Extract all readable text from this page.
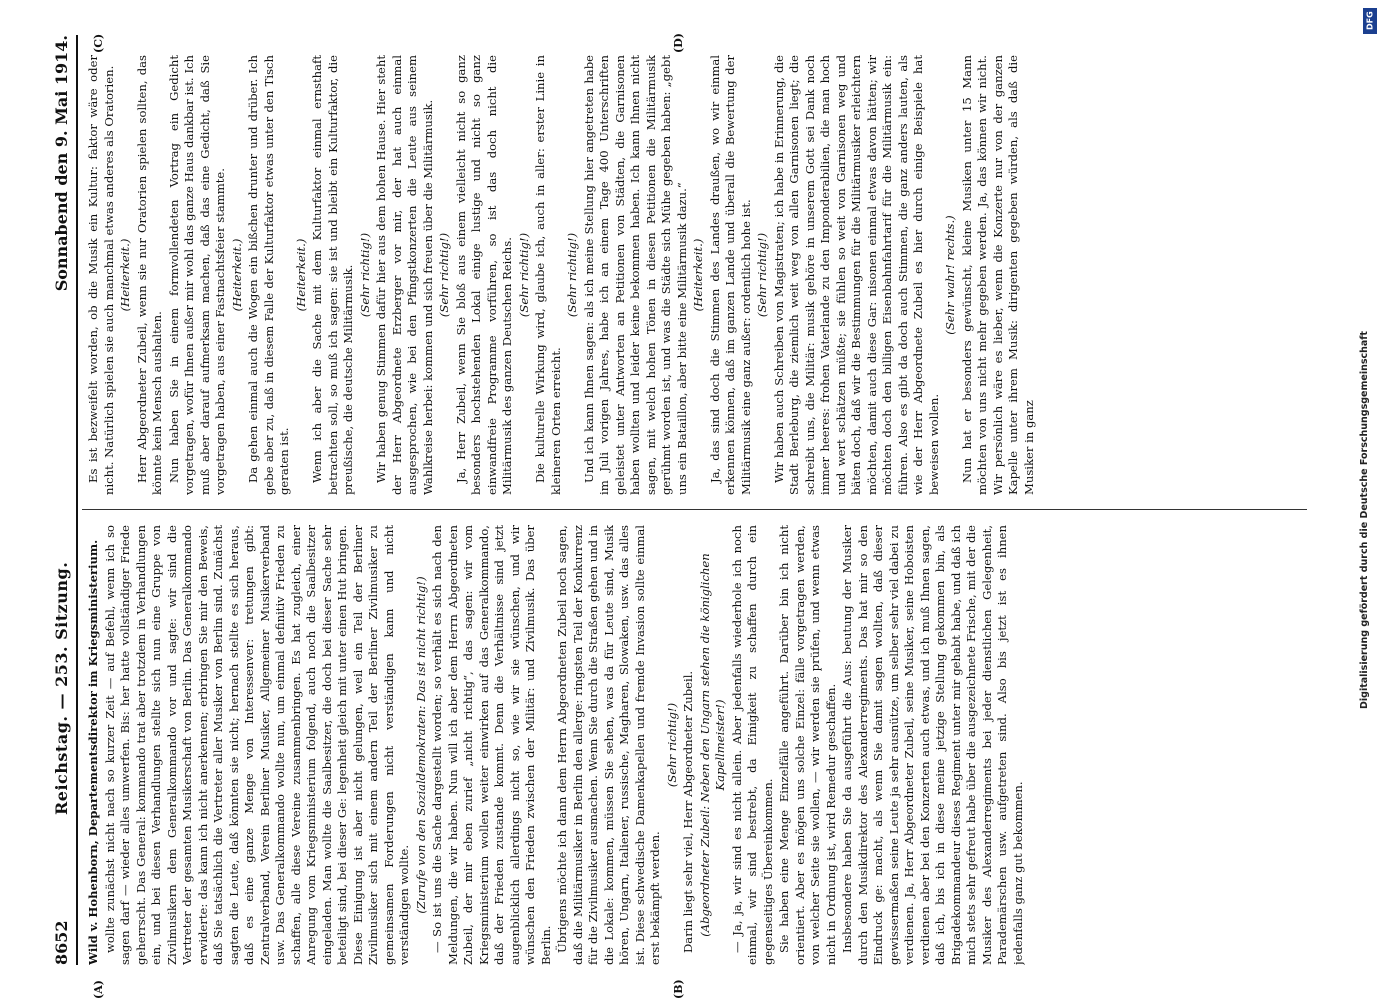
8652
Reichstag. — 253. Sitzung.
Sonnabend den 9. Mai 1914.
(A)	(B)
(C)	(D)

Wild v. Hohenborn, Departementsdirektor im Kriegsministerium. wollte zunächst nicht nach so kurzer Zeit — auf Befehl, wenn ich so sagen darf — wieder alles umwerfen. Bis: her hatte vollständiger Friede geherrscht. Das General: kommando trat aber trotzdem in Verhandlungen ein, und bei diesen Verhandlungen stellte sich nun eine Gruppe von Zivilmusikern dem Generalkommando vor und sagte: wir sind die Vertreter der gesamten Musikerschaft von Berlin. Das Generalkommando erwiderte: das kann ich nicht anerkennen; erbringen Sie mir den Beweis, daß Sie tatsächlich die Vertreter aller Musiker von Berlin sind. Zunächst sagten die Leute, daß könnten sie nicht; hernach stellte es sich heraus, daß es eine ganze Menge von Interessenver: tretungen gibt: Zentralverband, Verein Berliner Musiker, Allgemeiner Musikerverband usw. Das Generalkommando wollte nun, um einmal definitiv Frieden zu schaffen, alle diese Vereine zusammenbringen. Es hat zugleich, einer Anregung vom Kriegsministerium folgend, auch noch die Saalbesitzer eingeladen. Man wollte die Saalbesitzer, die doch bei dieser Sache sehr beteiligt sind, bei dieser Ge: legenheit gleich mit unter einen Hut bringen. Diese Einigung ist aber nicht gelungen, weil ein Teil der Berliner Zivilmusiker sich mit einem andern Teil der Berliner Zivilmusiker zu gemeinsamen Forderungen nicht verständigen kann und nicht verständigen wollte. (Zurufe von den Sozialdemokraten: Das ist nicht richtig!) — So ist uns die Sache dargestellt worden; so verhält es sich nach den Meldungen, die wir haben. Nun will ich aber dem Herrn Abgeordneten Zubeil, der mir eben zurief „nicht richtig“, das sagen: wir vom Kriegsministerium wollen weiter einwirken auf das Generalkommando, daß der Frieden zustande kommt. Denn die Verhältnisse sind jetzt augenblicklich allerdings nicht so, wie wir sie wünschen, und wir wünschen den Frieden zwischen der Militär: und Zivilmusik. Das über Berlin. Übrigens möchte ich dann dem Herrn Abgeordneten Zubeil noch sagen, daß die Militärmusiker in Berlin den allerge: ringsten Teil der Konkurrenz für die Zivilmusiker ausmachen. Wenn Sie durch die Straßen gehen und in die Lokale: kommen, müssen Sie sehen, was da für Leute sind, Musik hören, Ungarn, Italiener, russische, Magharen, Slowaken, usw. das alles ist. Diese schwedische Damenkapellen und fremde Invasion sollte einmal erst bekämpft werden.

(Sehr richtig!) Darin liegt sehr viel, Herr Abgeordneter Zubeil. (Abgeordneter Zubeil: Neben den Ungarn stehen die königlichen Kapellmeister!) — Ja, ja, wir sind es nicht allein. Aber jedenfalls wiederhole ich noch einmal, wir sind bestrebt, da Einigkeit zu schaffen durch ein gegenseitiges Übereinkommen. Sie haben eine Menge Einzelfälle angeführt. Darüber bin ich nicht orientiert. Aber es mögen uns solche Einzel: fälle vorgetragen werden, von welcher Seite sie wollen, — wir werden sie prüfen, und wenn etwas nicht in Ordnung ist, wird Remedur geschaffen. Insbesondere haben Sie da ausgeführt die Aus: beutung der Musiker durch den Musikdirektor des Alexanderregiments. Das hat mir so den Eindruck ge: macht, als wenn Sie damit sagen wollten, daß dieser gewissermaßen seine Leute ja sehr ausnütze, um selber sehr viel dabei zu verdienen. Ja, Herr Abgeordneter Zubeil, seine Musiker, seine Hoboisten verdienen aber bei den Konzerten auch etwas, und ich muß Ihnen sagen, daß ich, bis ich in diese meine jetzige Stellung gekommen bin, als Brigadekommandeur dieses Regiment unter mir gehabt habe, und daß ich mich stets sehr gefreut habe über die ausgezeichnete Frische, mit der die Musiker des Alexanderregiments bei jeder dienstlichen Gelegenheit, Parademärschen usw. aufgetreten sind. Also bis jetzt ist es ihnen jedenfalls ganz gut bekommen.

Es ist bezweifelt worden, ob die Musik ein Kultur: faktor wäre oder nicht. Natürlich spielen sie auch manchmal etwas anderes als Oratorien. (Heiterkeit.) Herr Abgeordneter Zubeil, wenn sie nur Oratorien spielen sollten, das könnte kein Mensch aushalten. Nun haben Sie in einem formvollendeten Vortrag ein Gedicht vorgetragen, wofür Ihnen außer mir wohl das ganze Haus dankbar ist. Ich muß aber darauf aufmerksam machen, daß das eine Gedicht, daß Sie vorgetragen haben, aus einer Fastnachtsfeier stammte. (Heiterkeit.) Da gehen einmal auch die Wogen ein bißchen drunter und drüber. Ich gebe aber zu, daß in diesem Falle der Kulturfaktor etwas unter den Tisch geraten ist.

(Heiterkeit.) Wenn ich aber die Sache mit dem Kulturfaktor einmal ernsthaft betrachten soll, so muß ich sagen: sie ist und bleibt ein Kulturfaktor, die preußische, die deutsche Militärmusik. (Sehr richtig!) Wir haben genug Stimmen dafür hier aus dem hohen Hause. Hier steht der Herr Abgeordnete Erzberger vor mir, der hat auch einmal ausgesprochen, wie bei den Pfingstkonzerten die Leute aus seinem Wahlkreise herbei: kommen und sich freuen über die Militärmusik. (Sehr richtig!) Ja, Herr Zubeil, wenn Sie bloß aus einem vielleicht nicht so ganz besonders hochstehenden Lokal einige lustige und nicht so ganz einwandfreie Programme vorführen, so ist das doch nicht die Militärmusik des ganzen Deutschen Reichs. (Sehr richtig!) Die kulturelle Wirkung wird, glaube ich, auch in aller: erster Linie in kleineren Orten erreicht.

(Sehr richtig!) Und ich kann Ihnen sagen: als ich meine Stellung hier angetreten habe im Juli vorigen Jahres, habe ich an einem Tage 400 Unterschriften geleistet unter Antworten an Petitionen von Städten, die Garnisonen haben wollten und leider keine bekommen haben. Ich kann Ihnen nicht sagen, mit welch hohen Tönen in diesen Petitionen die Militärmusik gerühmt worden ist, und was die Städte sich Mühe gegeben haben: „gebt uns ein Bataillon, aber bitte eine Militärmusik dazu.“ (Heiterkeit.) Ja, das sind doch die Stimmen des Landes draußen, wo wir einmal erkennen können, daß im ganzen Lande und überall die Bewertung der Militärmusik eine ganz außer: ordentlich hohe ist. (Sehr richtig!) Wir haben auch Schreiben von Magistraten; ich habe in Erinnerung, die Stadt Berleburg, die ziemlich weit weg von allen Garnisonen liegt; die schreibt uns, die Militär: musik gehöre in unserem Gott sei Dank noch immer heeres: frohen Vaterlande zu den Imponderabilien, die man hoch und wert schätzen müßte; sie fühlen so weit von Garnisonen weg und bäten doch, daß wir die Bestimmungen für die Militärmusiker erleichtern möchten, damit auch diese Gar: nisonen einmal etwas davon hätten; wir möchten doch den billigen Eisenbahnfahrtarif für die Militärmusik ein: führen. Also es gibt da doch auch Stimmen, die ganz anders lauten, als wie der Herr Abgeordnete Zubeil es hier durch einige Beispiele hat beweisen wollen.

(Sehr wahr! rechts.) Nun hat er besonders gewünscht, kleine Musiken unter 15 Mann möchten von uns nicht mehr gegeben werden. Ja, das können wir nicht. Wir persönlich wäre es lieber, wenn die Konzerte nur von der ganzen Kapelle unter ihrem Musik: dirigenten gegeben würden, als daß die Musiker in ganz

DFG
Digitalisierung gefördert durch die Deutsche Forschungsgemeinschaft
